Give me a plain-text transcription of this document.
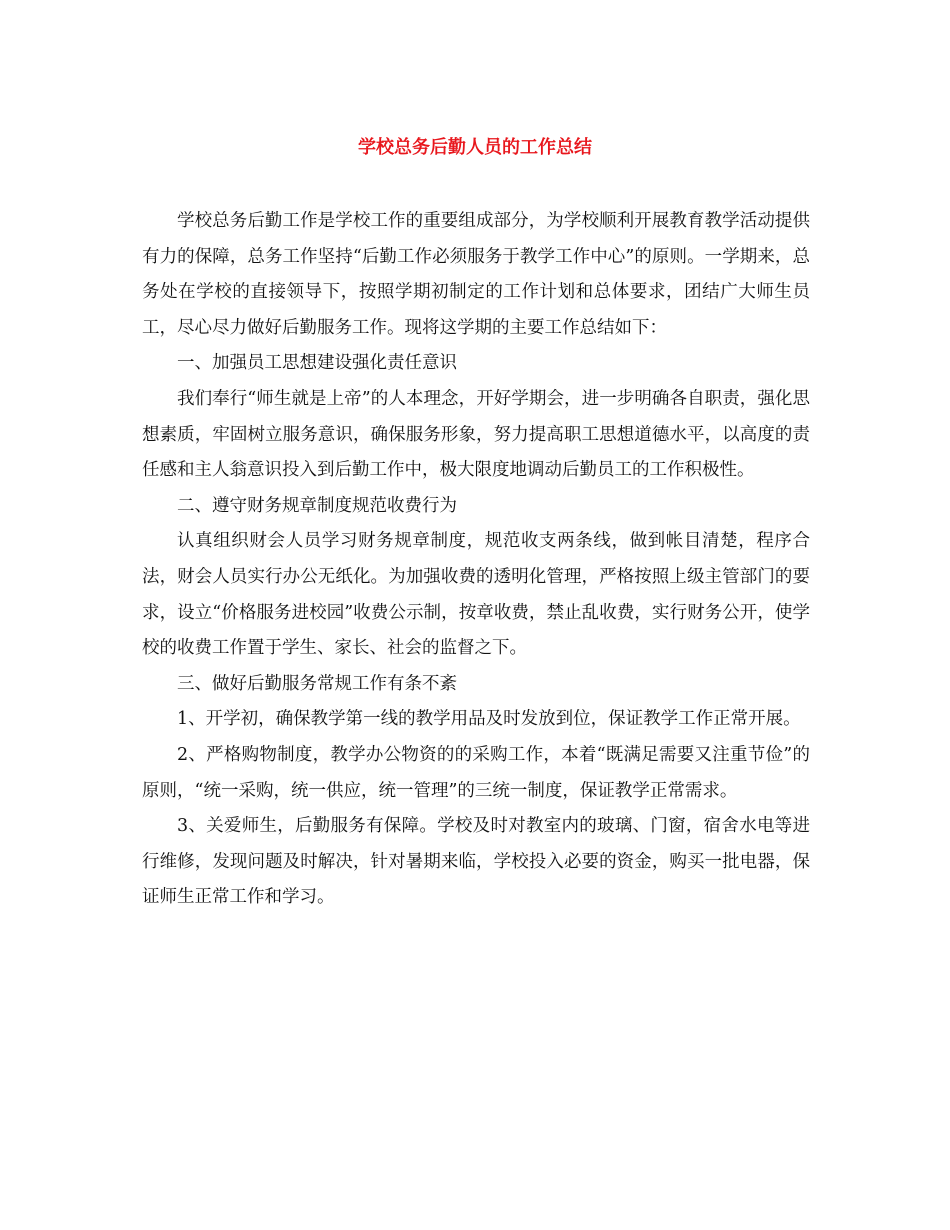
学校总务后勤人员的工作总结

学校总务后勤工作是学校工作的重要组成部分，为学校顺利开展教育教学活动提供有力的保障，总务工作坚持“后勤工作必须服务于教学工作中心”的原则。一学期来，总务处在学校的直接领导下，按照学期初制定的工作计划和总体要求，团结广大师生员工，尽心尽力做好后勤服务工作。现将这学期的主要工作总结如下：

一、加强员工思想建设强化责任意识

我们奉行“师生就是上帝”的人本理念，开好学期会，进一步明确各自职责，强化思想素质，牢固树立服务意识，确保服务形象，努力提高职工思想道德水平，以高度的责任感和主人翁意识投入到后勤工作中，极大限度地调动后勤员工的工作积极性。

二、遵守财务规章制度规范收费行为

认真组织财会人员学习财务规章制度，规范收支两条线，做到帐目清楚，程序合法，财会人员实行办公无纸化。为加强收费的透明化管理，严格按照上级主管部门的要求，设立“价格服务进校园”收费公示制，按章收费，禁止乱收费，实行财务公开，使学校的收费工作置于学生、家长、社会的监督之下。

三、做好后勤服务常规工作有条不紊

1、开学初，确保教学第一线的教学用品及时发放到位，保证教学工作正常开展。

2、严格购物制度，教学办公物资的的采购工作，本着“既满足需要又注重节俭”的原则，“统一采购，统一供应，统一管理”的三统一制度，保证教学正常需求。

3、关爱师生，后勤服务有保障。学校及时对教室内的玻璃、门窗，宿舍水电等进行维修，发现问题及时解决，针对暑期来临，学校投入必要的资金，购买一批电器，保证师生正常工作和学习。
